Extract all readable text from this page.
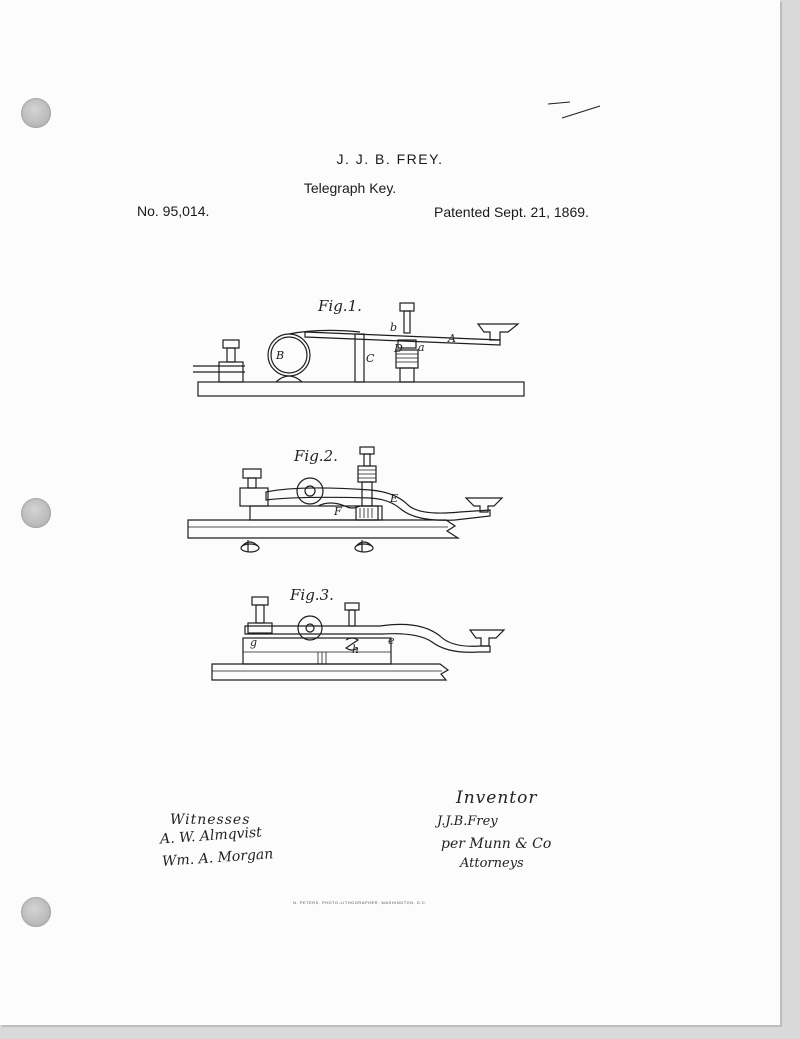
J. J. B. FREY.
Telegraph Key.
No. 95,014.	Patented Sept. 21, 1869.
Fig.1.
B
b
a
A
C
D
Fig.2.
E
F
Fig.3.
g
h
e
Witnesses
A. W. Almqvist
Wm. A. Morgan
Inventor
J.J.B.Frey
per Munn & Co
Attorneys
N. PETERS, PHOTO-LITHOGRAPHER, WASHINGTON, D.C.
